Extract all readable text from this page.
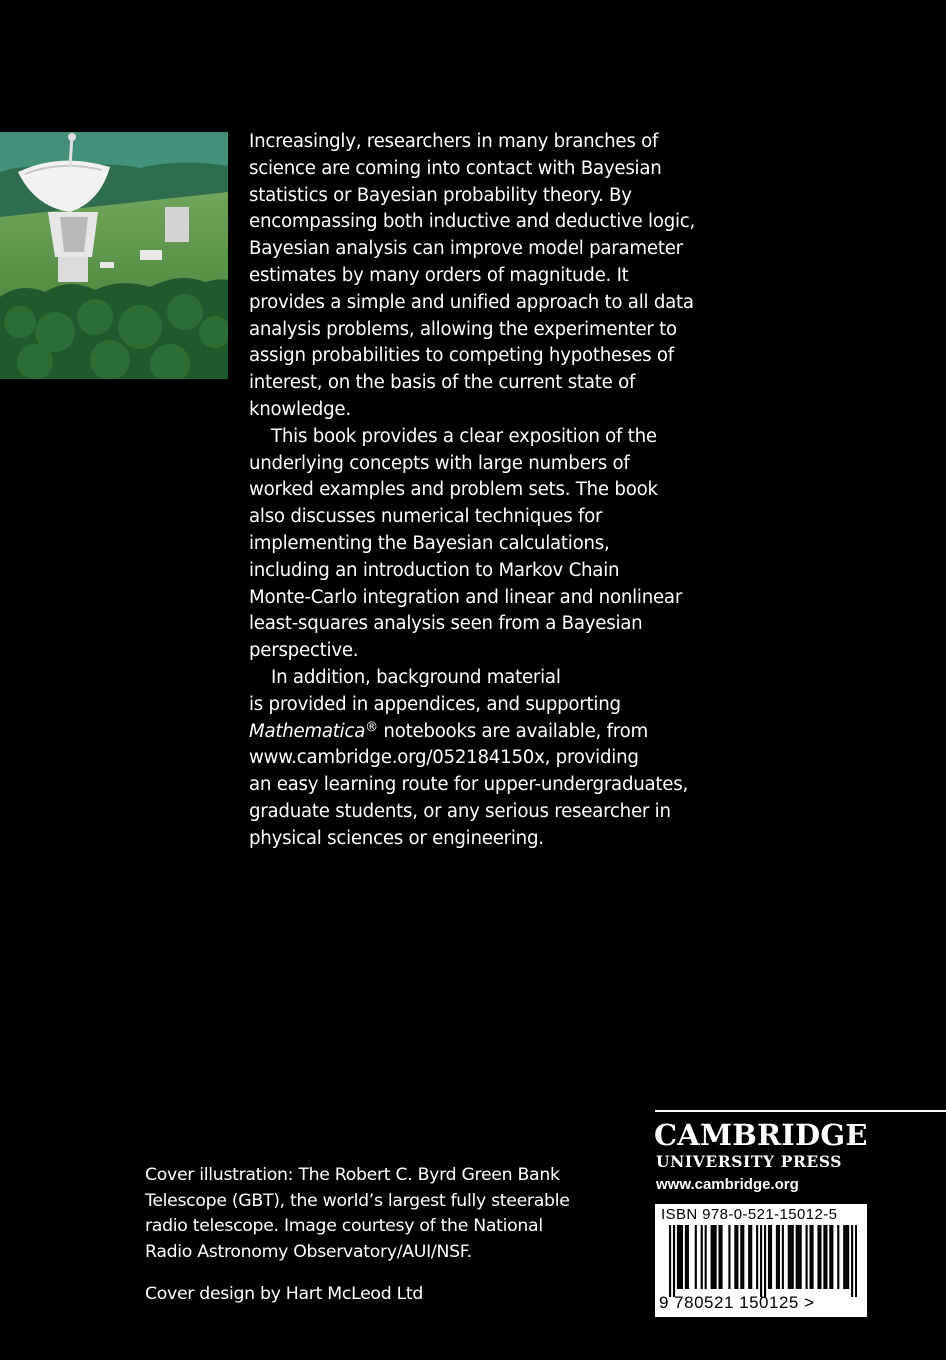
Increasingly, researchers in many branches of
science are coming into contact with Bayesian
statistics or Bayesian probability theory. By
encompassing both inductive and deductive logic,
Bayesian analysis can improve model parameter
estimates by many orders of magnitude. It
provides a simple and unified approach to all data
analysis problems, allowing the experimenter to
assign probabilities to competing hypotheses of
interest, on the basis of the current state of
knowledge.

This book provides a clear exposition of the
underlying concepts with large numbers of
worked examples and problem sets. The book
also discusses numerical techniques for
implementing the Bayesian calculations,
including an introduction to Markov Chain
Monte-Carlo integration and linear and nonlinear
least-squares analysis seen from a Bayesian
perspective.

In addition, background material
is provided in appendices, and supporting
Mathematica® notebooks are available, from
www.cambridge.org/052184150x, providing
an easy learning route for upper-undergraduates,
graduate students, or any serious researcher in
physical sciences or engineering.

Cover illustration: The Robert C. Byrd Green Bank
Telescope (GBT), the world’s largest fully steerable
radio telescope. Image courtesy of the National
Radio Astronomy Observatory/AUI/NSF.
Cover design by Hart McLeod Ltd
CAMBRIDGE
UNIVERSITY PRESS
www.cambridge.org
ISBN 978-0-521-15012-5
9 780521 150125 >
